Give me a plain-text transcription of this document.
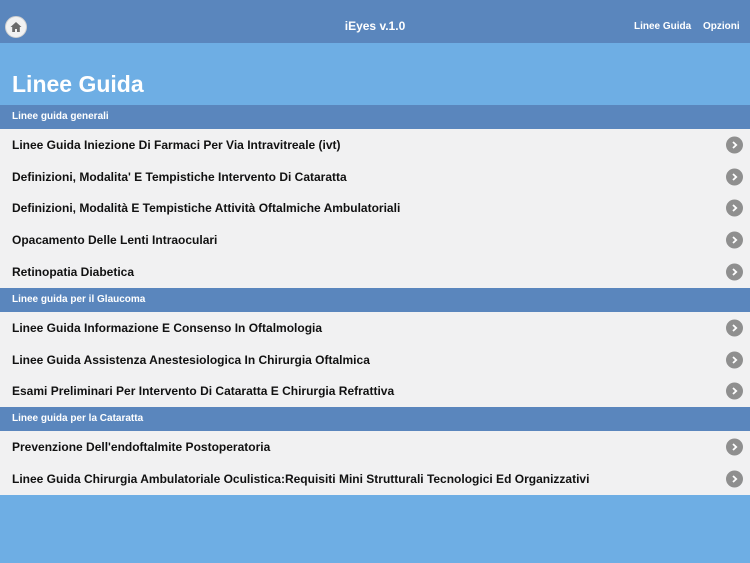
iEyes v.1.0	Linee Guida Opzioni
Linee Guida
Linee guida generali
Linee Guida Iniezione Di Farmaci Per Via Intravitreale (ivt)
Definizioni, Modalita' E Tempistiche Intervento Di Cataratta
Definizioni, Modalità E Tempistiche Attività Oftalmiche Ambulatoriali
Opacamento Delle Lenti Intraoculari
Retinopatia Diabetica
Linee guida per il Glaucoma
Linee Guida Informazione E Consenso In Oftalmologia
Linee Guida Assistenza Anestesiologica In Chirurgia Oftalmica
Esami Preliminari Per Intervento Di Cataratta E Chirurgia Refrattiva
Linee guida per la Cataratta
Prevenzione Dell'endoftalmite Postoperatoria
Linee Guida Chirurgia Ambulatoriale Oculistica:Requisiti Mini Strutturali Tecnologici Ed Organizzativi
